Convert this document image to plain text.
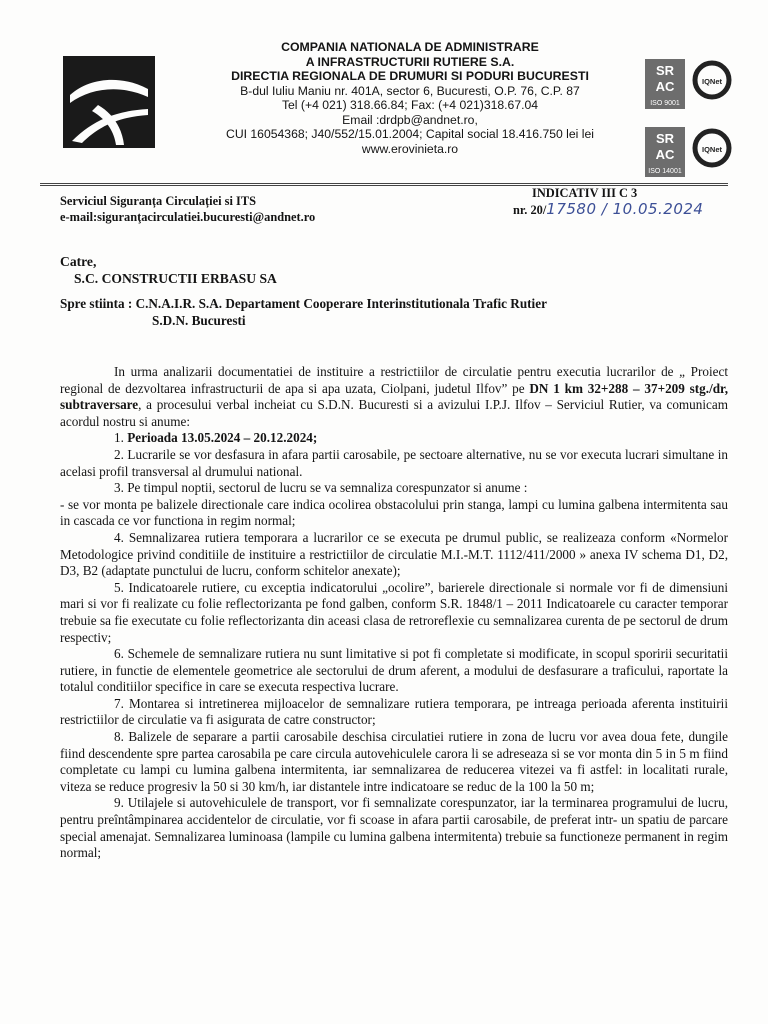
COMPANIA NATIONALA DE ADMINISTRARE
A INFRASTRUCTURII RUTIERE S.A.
DIRECTIA REGIONALA DE DRUMURI SI PODURI BUCURESTI
B-dul Iuliu Maniu nr. 401A, sector 6, Bucuresti, O.P. 76, C.P. 87
Tel (+4 021) 318.66.84; Fax: (+4 021)318.67.04
Email :drdpb@andnet.ro,
CUI 16054368; J40/552/15.01.2004; Capital social 18.416.750 lei lei
www.erovinieta.ro
SR
AC
ISO 9001
IQNet
SR
AC
ISO 14001
IQNet
Serviciul Siguranța Circulației si ITS
e-mail:siguranţacirculatiei.bucuresti@andnet.ro
INDICATIV III C 3
nr. 20/17580 / 10.05.2024
Catre,
S.C. CONSTRUCTII ERBASU SA
Spre stiinta : C.N.A.I.R. S.A. Departament Cooperare Interinstitutionala Trafic Rutier
S.D.N. Bucuresti

In urma analizarii documentatiei de instituire a restrictiilor de circulatie pentru executia lucrarilor de „ Proiect regional de dezvoltarea infrastructurii de apa si apa uzata, Ciolpani, judetul Ilfov” pe DN 1 km 32+288 – 37+209 stg./dr, subtraversare, a procesului verbal incheiat cu S.D.N. Bucuresti si a avizului I.P.J. Ilfov – Serviciul Rutier, va comunicam acordul nostru si anume:

1. Perioada 13.05.2024 – 20.12.2024;

2. Lucrarile se vor desfasura in afara partii carosabile, pe sectoare alternative, nu se vor executa lucrari simultane in acelasi profil transversal al drumului national.

3. Pe timpul noptii, sectorul de lucru se va semnaliza corespunzator si anume :

- se vor monta pe balizele directionale care indica ocolirea obstacolului prin stanga, lampi cu lumina galbena intermitenta sau in cascada ce vor functiona in regim normal;

4. Semnalizarea rutiera temporara a lucrarilor ce se executa pe drumul public, se realizeaza conform «Normelor Metodologice privind conditiile de instituire a restrictiilor de circulatie M.I.-M.T. 1112/411/2000 » anexa IV schema D1, D2, D3, B2 (adaptate punctului de lucru, conform schitelor anexate);

5. Indicatoarele rutiere, cu exceptia indicatorului „ocolire”, barierele directionale si normale vor fi de dimensiuni mari si vor fi realizate cu folie reflectorizanta pe fond galben, conform S.R. 1848/1 – 2011 Indicatoarele cu caracter temporar trebuie sa fie executate cu folie reflectorizanta din aceasi clasa de retroreflexie cu semnalizarea curenta de pe sectorul de drum respectiv;

6. Schemele de semnalizare rutiera nu sunt limitative si pot fi completate si modificate, in scopul sporirii securitatii rutiere, in functie de elementele geometrice ale sectorului de drum aferent, a modului de desfasurare a traficului, raportate la totalul conditiilor specifice in care se executa respectiva lucrare.

7. Montarea si intretinerea mijloacelor de semnalizare rutiera temporara, pe intreaga perioada aferenta instituirii restrictiilor de circulatie va fi asigurata de catre constructor;

8. Balizele de separare a partii carosabile deschisa circulatiei rutiere in zona de lucru vor avea doua fete, dungile fiind descendente spre partea carosabila pe care circula autovehiculele carora li se adreseaza si se vor monta din 5 in 5 m fiind completate cu lampi cu lumina galbena intermitenta, iar semnalizarea de reducerea vitezei va fi astfel: in localitati rurale, viteza se reduce progresiv la 50 si 30 km/h, iar distantele intre indicatoare se reduc de la 100 la 50 m;

9. Utilajele si autovehiculele de transport, vor fi semnalizate corespunzator, iar la terminarea programului de lucru, pentru preîntâmpinarea accidentelor de circulatie, vor fi scoase in afara partii carosabile, de preferat intr- un spatiu de parcare special amenajat. Semnalizarea luminoasa (lampile cu lumina galbena intermitenta) trebuie sa functioneze permanent in regim normal;
